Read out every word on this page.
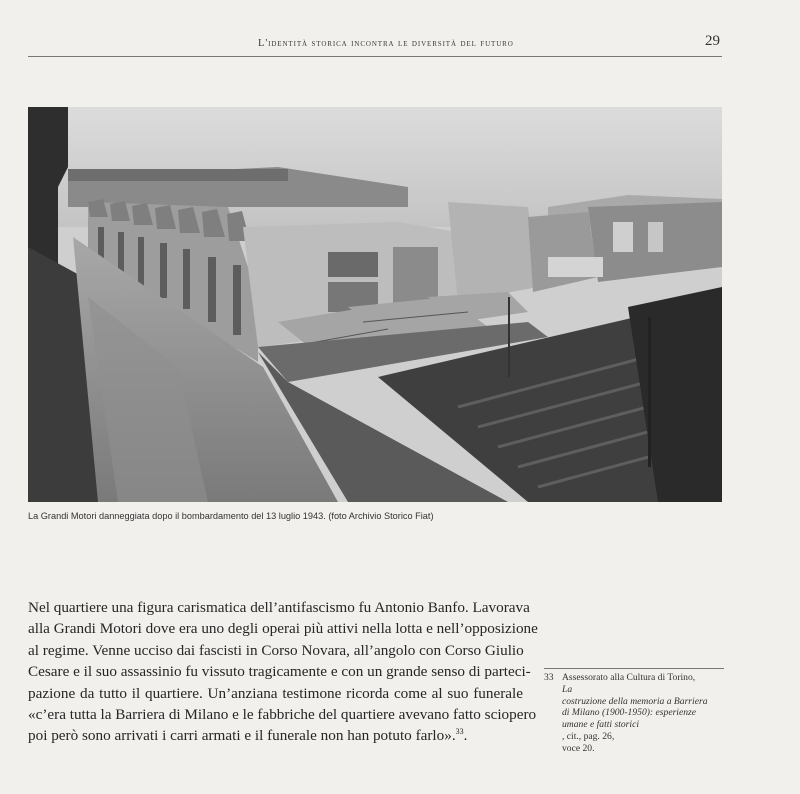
L'identità storica incontra le diversità del futuro	29
La Grandi Motori danneggiata dopo il bombardamento del 13 luglio 1943. (foto Archivio Storico Fiat)
Nel quartiere una figura carismatica dell’antifascismo fu Antonio Banfo. Lavorava
alla Grandi Motori dove era uno degli operai più attivi nella lotta e nell’opposizione
al regime. Venne ucciso dai fascisti in Corso Novara, all’angolo con Corso Giulio
Cesare e il suo assassinio fu vissuto tragicamente e con un grande senso di parteci-
pazione da tutto il quartiere. Un’anziana testimone ricorda come al suo funerale
«c’era tutta la Barriera di Milano e le fabbriche del quartiere avevano fatto sciopero
poi però sono arrivati i carri armati e il funerale non han potuto farlo».$^{33}$.
33 Assessorato alla Cultura di Torino,
La
costruzione della memoria a Barriera
di Milano (1900-1950): esperienze
umane e fatti storici
, cit., pag. 26,
voce 20.
